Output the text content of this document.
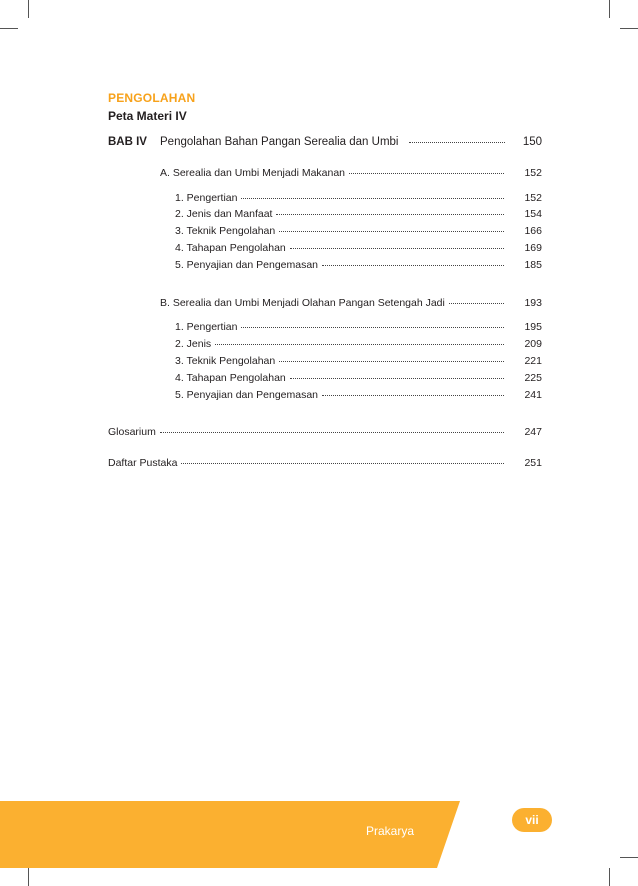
PENGOLAHAN
Peta Materi IV
BAB IV	Pengolahan Bahan Pangan Serealia dan Umbi	150
A. Serealia dan Umbi Menjadi Makanan	152
1. Pengertian	152
2. Jenis dan Manfaat	154
3. Teknik Pengolahan	166
4. Tahapan Pengolahan	169
5. Penyajian dan Pengemasan	185
B. Serealia dan Umbi Menjadi Olahan Pangan Setengah Jadi	193
1. Pengertian	195
2. Jenis	209
3. Teknik Pengolahan	221
4. Tahapan Pengolahan	225
5. Penyajian dan Pengemasan	241
Glosarium	247
Daftar Pustaka	251
Prakarya
vii
